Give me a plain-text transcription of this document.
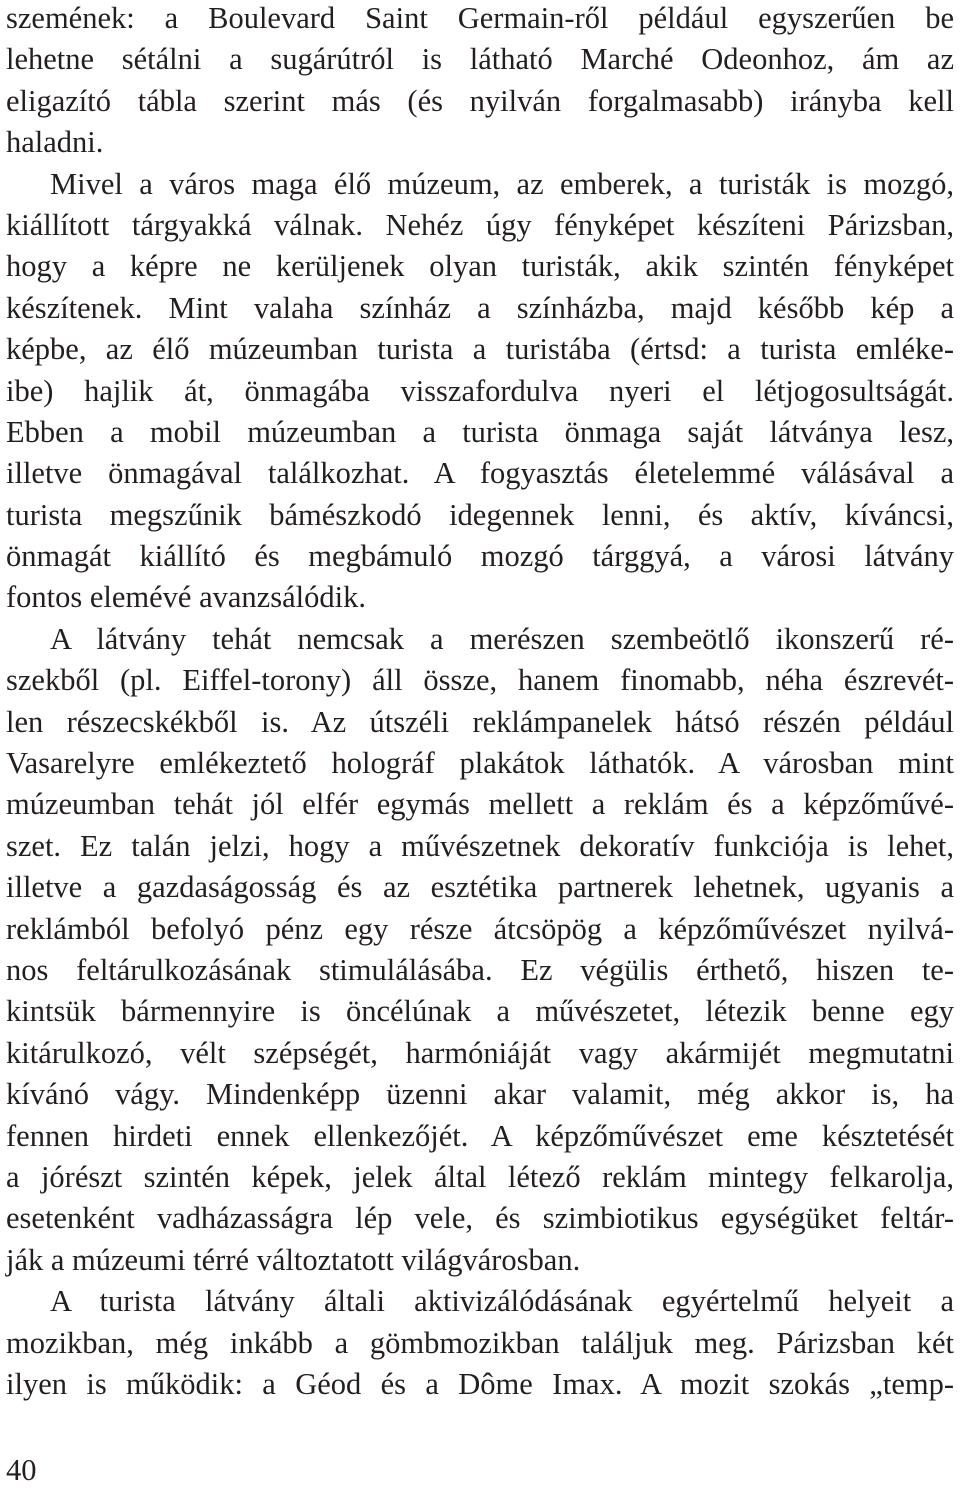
szemének: a Boulevard Saint Germain-ről például egyszerűen be
lehetne sétálni a sugárútról is látható Marché Odeonhoz, ám az
eligazító tábla szerint más (és nyilván forgalmasabb) irányba kell
haladni.
Mivel a város maga élő múzeum, az emberek, a turisták is mozgó,
kiállított tárgyakká válnak. Nehéz úgy fényképet készíteni Párizsban,
hogy a képre ne kerüljenek olyan turisták, akik szintén fényképet
készítenek. Mint valaha színház a színházba, majd később kép a
képbe, az élő múzeumban turista a turistába (értsd: a turista emléke-
ibe) hajlik át, önmagába visszafordulva nyeri el létjogosultságát.
Ebben a mobil múzeumban a turista önmaga saját látványa lesz,
illetve önmagával találkozhat. A fogyasztás életelemmé válásával a
turista megszűnik bámészkodó idegennek lenni, és aktív, kíváncsi,
önmagát kiállító és megbámuló mozgó tárggyá, a városi látvány
fontos elemévé avanzsálódik.
A látvány tehát nemcsak a merészen szembeötlő ikonszerű ré-
szekből (pl. Eiffel-torony) áll össze, hanem finomabb, néha észrevét-
len részecskékből is. Az útszéli reklámpanelek hátsó részén például
Vasarelyre emlékeztető holográf plakátok láthatók. A városban mint
múzeumban tehát jól elfér egymás mellett a reklám és a képzőművé-
szet. Ez talán jelzi, hogy a művészetnek dekoratív funkciója is lehet,
illetve a gazdaságosság és az esztétika partnerek lehetnek, ugyanis a
reklámból befolyó pénz egy része átcsöpög a képzőművészet nyilvá-
nos feltárulkozásának stimulálásába. Ez végülis érthető, hiszen te-
kintsük bármennyire is öncélúnak a művészetet, létezik benne egy
kitárulkozó, vélt szépségét, harmóniáját vagy akármijét megmutatni
kívánó vágy. Mindenképp üzenni akar valamit, még akkor is, ha
fennen hirdeti ennek ellenkezőjét. A képzőművészet eme késztetését
a jórészt szintén képek, jelek által létező reklám mintegy felkarolja,
esetenként vadházasságra lép vele, és szimbiotikus egységüket feltár-
ják a múzeumi térré változtatott világvárosban.
A turista látvány általi aktivizálódásának egyértelmű helyeit a
mozikban, még inkább a gömbmozikban találjuk meg. Párizsban két
ilyen is működik: a Géod és a Dôme Imax. A mozit szokás „temp-
40
